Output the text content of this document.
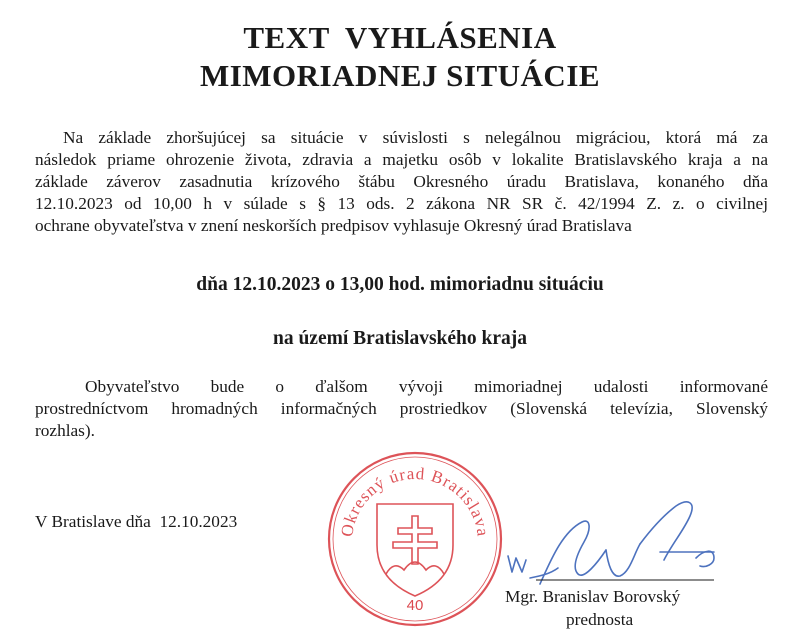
TEXT VYHLÁSENIA
MIMORIADNEJ SITUÁCIE
Na základe zhoršujúcej sa situácie v súvislosti s nelegálnou migráciou, ktorá má za
následok priame ohrozenie života, zdravia a majetku osôb v lokalite Bratislavského kraja a na
základe záverov zasadnutia krízového štábu Okresného úradu Bratislava, konaného dňa
12.10.2023 od 10,00 h v súlade s § 13 ods. 2 zákona NR SR č. 42/1994 Z. z. o civilnej
ochrane obyvateľstva v znení neskorších predpisov vyhlasuje Okresný úrad Bratislava
dňa 12.10.2023 o 13,00 hod. mimoriadnu situáciu
na území Bratislavského kraja
Obyvateľstvo bude o ďalšom vývoji mimoriadnej udalosti informované
prostredníctvom hromadných informačných prostriedkov (Slovenská televízia, Slovenský
rozhlas).
V Bratislave dňa  12.10.2023	Okresný úrad Bratislava
40	Mgr. Branislav Borovský
prednosta
